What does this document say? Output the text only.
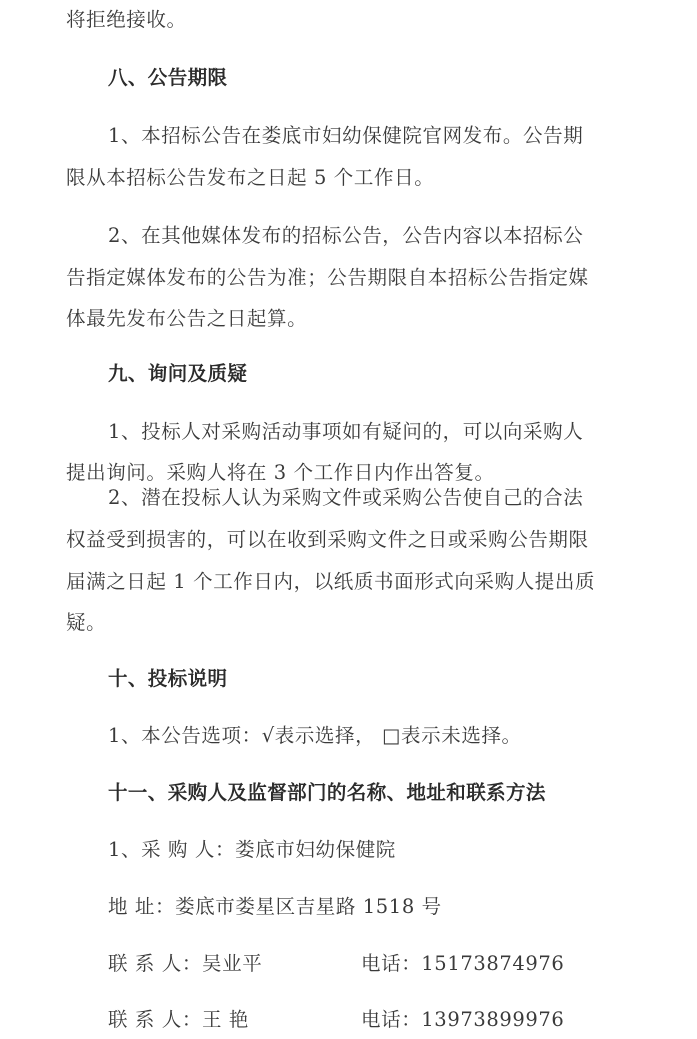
将拒绝接收。
八、公告期限
1、本招标公告在娄底市妇幼保健院官网发布。公告期
限从本招标公告发布之日起 5 个工作日。
2、在其他媒体发布的招标公告，公告内容以本招标公
告指定媒体发布的公告为准；公告期限自本招标公告指定媒
体最先发布公告之日起算。
九、询问及质疑
1、投标人对采购活动事项如有疑问的，可以向采购人
提出询问。采购人将在 3 个工作日内作出答复。
2、潜在投标人认为采购文件或采购公告使自己的合法
权益受到损害的，可以在收到采购文件之日或采购公告期限
届满之日起 1 个工作日内，以纸质书面形式向采购人提出质
疑。
十、投标说明
1、本公告选项：√表示选择， □表示未选择。
十一、采购人及监督部门的名称、地址和联系方法
1、采 购 人：娄底市妇幼保健院
地 址：娄底市娄星区吉星路 1518 号
联 系 人：吴业平	电话：15173874976
联 系 人：王 艳	电话：13973899976
